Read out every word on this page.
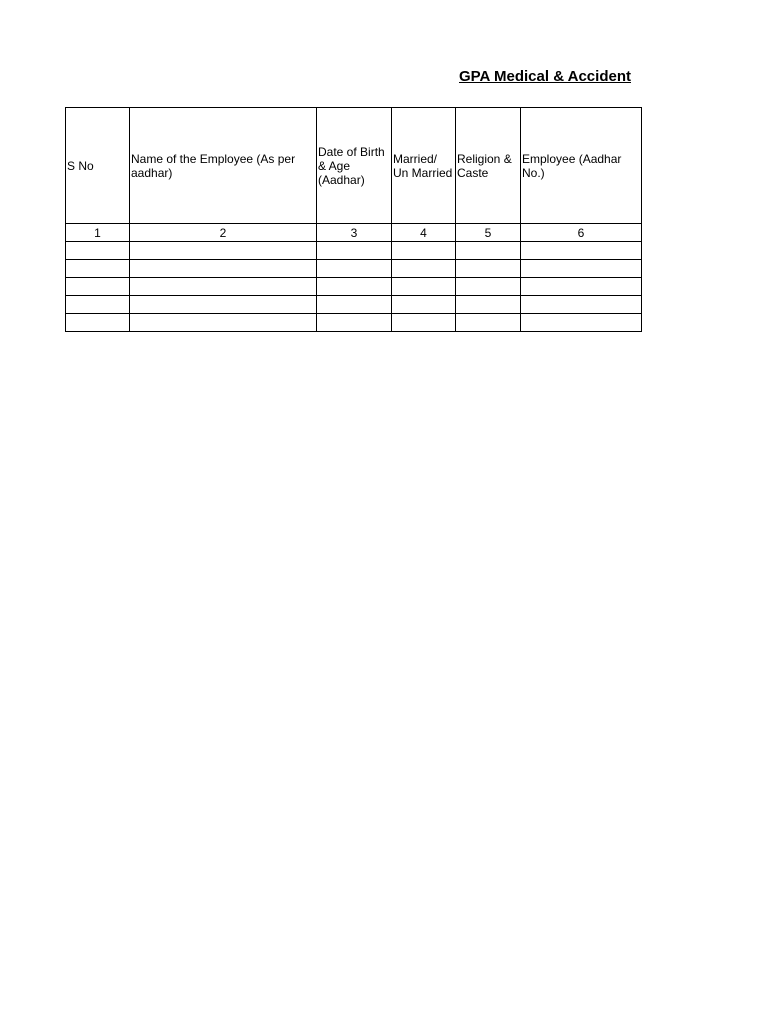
GPA Medical & Accident
S No	Name of the Employee (As per aadhar)	Date of Birth & Age (Aadhar)	Married/ Un Married	Religion & Caste	Employee (Aadhar No.)
1	2	3	4	5	6
